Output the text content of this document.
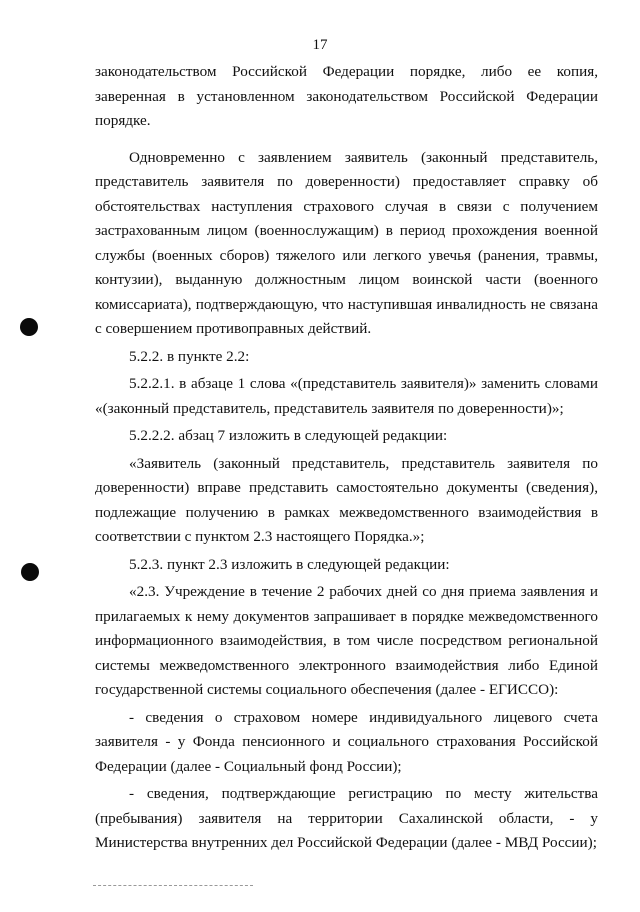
17

законодательством Российской Федерации порядке, либо ее копия, заверенная в установленном законодательством Российской Федерации порядке.

Одновременно с заявлением заявитель (законный представитель, представитель заявителя по доверенности) предоставляет справку об обстоятельствах наступления страхового случая в связи с получением застрахованным лицом (военнослужащим) в период прохождения военной службы (военных сборов) тяжелого или легкого увечья (ранения, травмы, контузии), выданную должностным лицом воинской части (военного комиссариата), подтверждающую, что наступившая инвалидность не связана с совершением противоправных действий.

5.2.2. в пункте 2.2:

5.2.2.1. в абзаце 1 слова «(представитель заявителя)» заменить словами «(законный представитель, представитель заявителя по доверенности)»;

5.2.2.2. абзац 7 изложить в следующей редакции:

«Заявитель (законный представитель, представитель заявителя по доверенности) вправе представить самостоятельно документы (сведения), подлежащие получению в рамках межведомственного взаимодействия в соответствии с пунктом 2.3 настоящего Порядка.»;

5.2.3. пункт 2.3 изложить в следующей редакции:

«2.3. Учреждение в течение 2 рабочих дней со дня приема заявления и прилагаемых к нему документов запрашивает в порядке межведомственного информационного взаимодействия, в том числе посредством региональной системы межведомственного электронного взаимодействия либо Единой государственной системы социального обеспечения (далее - ЕГИССО):

- сведения о страховом номере индивидуального лицевого счета заявителя - у Фонда пенсионного и социального страхования Российской Федерации (далее - Социальный фонд России);

- сведения, подтверждающие регистрацию по месту жительства (пребывания) заявителя на территории Сахалинской области, - у Министерства внутренних дел Российской Федерации (далее - МВД России);
